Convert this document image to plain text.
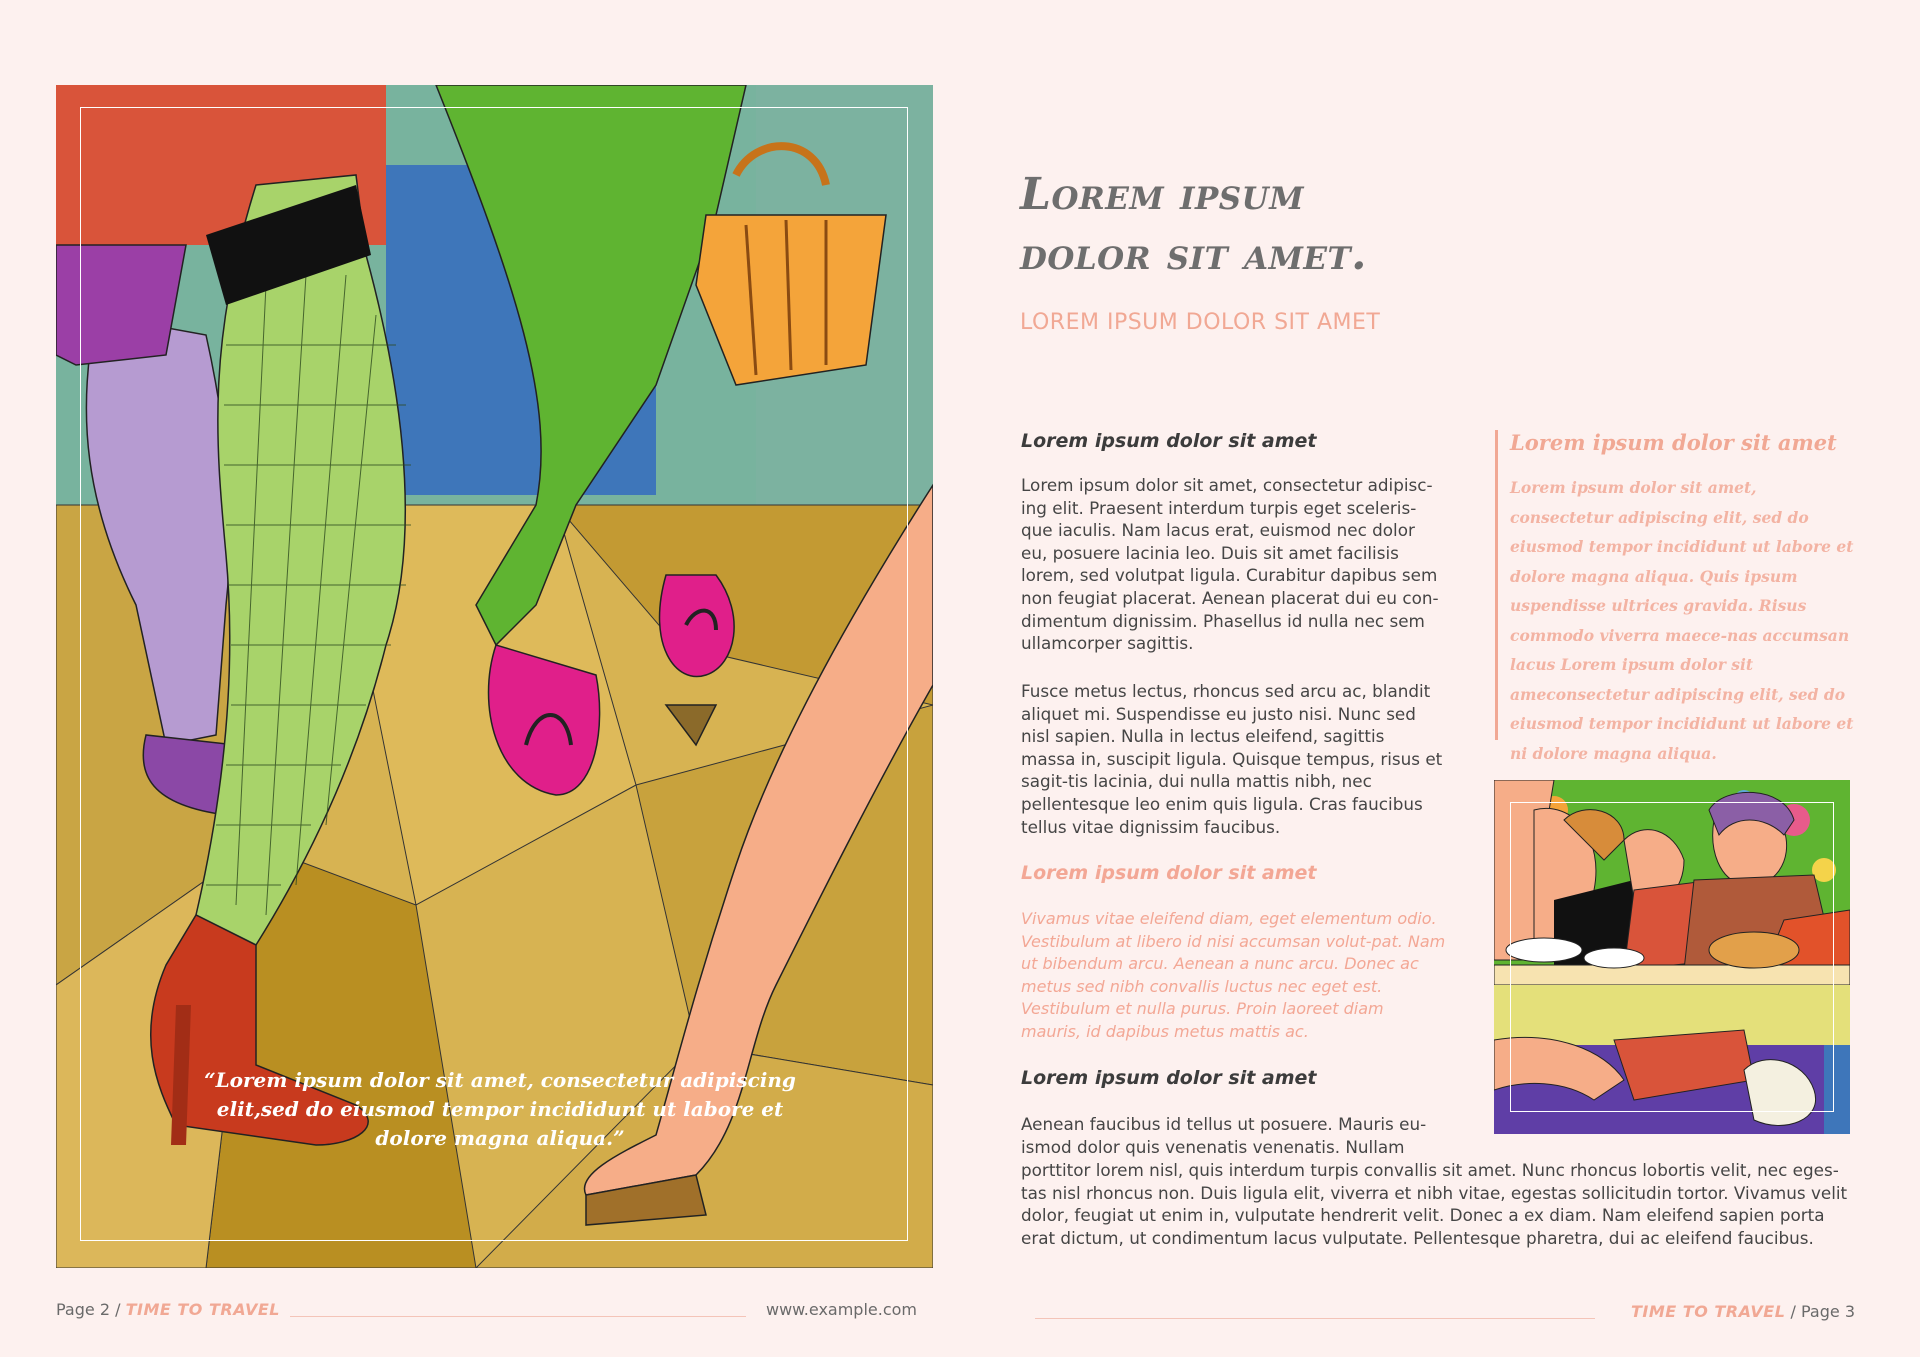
“Lorem ipsum dolor sit amet, consectetur adipiscing elit,sed do eiusmod tempor incididunt ut labore et dolore magna aliqua.”
Lorem ipsum
dolor sit amet.
LOREM IPSUM DOLOR SIT AMET
Lorem ipsum dolor sit amet

Lorem ipsum dolor sit amet, consectetur adipisc-ing elit. Praesent interdum turpis eget sceleris-que iaculis. Nam lacus erat, euismod nec dolor eu, posuere lacinia leo. Duis sit amet facilisis lorem, sed volutpat ligula. Curabitur dapibus sem non feugiat placerat. Aenean placerat dui eu con-dimentum dignissim. Phasellus id nulla nec sem ullamcorper sagittis.

Fusce metus lectus, rhoncus sed arcu ac, blandit aliquet mi. Suspendisse eu justo nisi. Nunc sed nisl sapien. Nulla in lectus eleifend, sagittis massa in, suscipit ligula. Quisque tempus, risus et sagit-tis lacinia, dui nulla mattis nibh, nec pellentesque leo enim quis ligula. Cras faucibus tellus vitae dignissim faucibus.

Lorem ipsum dolor sit amet

Vivamus vitae eleifend diam, eget elementum odio. Vestibulum at libero id nisi accumsan volut-pat. Nam ut bibendum arcu. Aenean a nunc arcu. Donec ac metus sed nibh convallis luctus nec eget est. Vestibulum et nulla purus. Proin laoreet diam mauris, id dapibus metus mattis ac.

Lorem ipsum dolor sit amet

Aenean faucibus id tellus ut posuere. Mauris eu-

ismod dolor quis venenatis venenatis. Nullam

porttitor lorem nisl, quis interdum turpis convallis sit amet. Nunc rhoncus lobortis velit, nec eges-tas nisl rhoncus non. Duis ligula elit, viverra et nibh vitae, egestas sollicitudin tortor. Vivamus velit dolor, feugiat ut enim in, vulputate hendrerit velit. Donec a ex diam. Nam eleifend sapien porta erat dictum, ut condimentum lacus vulputate. Pellentesque pharetra, dui ac eleifend faucibus.

Lorem ipsum dolor sit amet

Lorem ipsum dolor sit amet, consectetur adipiscing elit, sed do eiusmod tempor incididunt ut labore et dolore magna aliqua. Quis ipsum uspendisse ultrices gravida. Risus commodo viverra maece-nas accumsan lacus Lorem ipsum dolor sit ameconsectetur adipiscing elit, sed do eiusmod tempor incididunt ut labore et ni dolore magna aliqua.

Page 2 / TIME TO TRAVEL	www.example.com	TIME TO TRAVEL / Page 3
